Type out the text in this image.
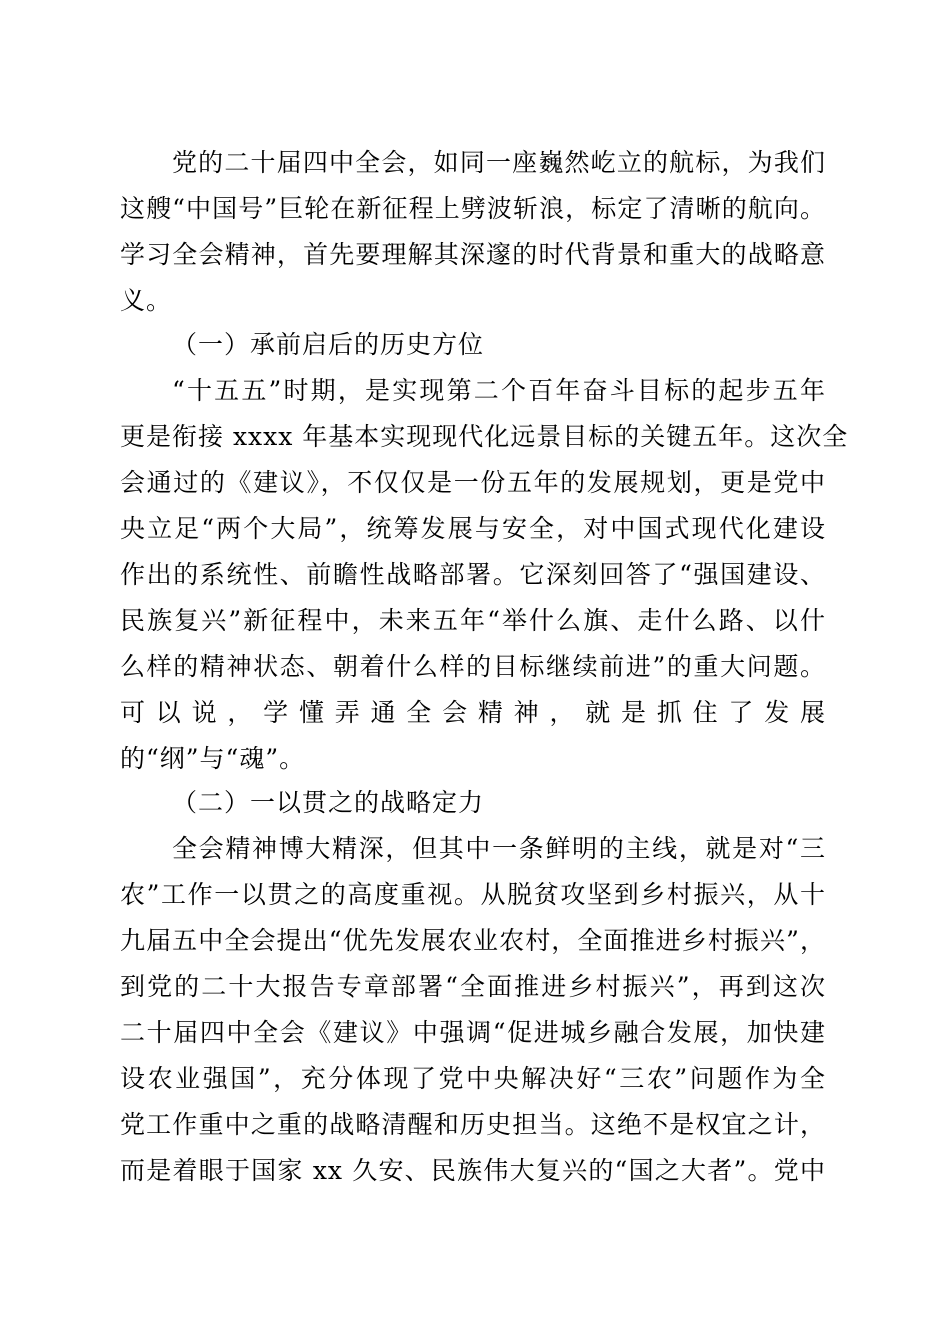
党的二十届四中全会，如同一座巍然屹立的航标，为我们
这艘“中国号”巨轮在新征程上劈波斩浪，标定了清晰的航向。
学习全会精神，首先要理解其深邃的时代背景和重大的战略意
义。
（一）承前启后的历史方位
“十五五”时期，是实现第二个百年奋斗目标的起步五年
更是衔接 xxxx 年基本实现现代化远景目标的关键五年。这次全
会通过的《建议》，不仅仅是一份五年的发展规划，更是党中
央立足“两个大局”，统筹发展与安全，对中国式现代化建设
作出的系统性、前瞻性战略部署。它深刻回答了“强国建设、
民族复兴”新征程中，未来五年“举什么旗、走什么路、以什
么样的精神状态、朝着什么样的目标继续前进”的重大问题。
可以说，学懂弄通全会精神，就是抓住了发展
的“纲”与“魂”。
（二）一以贯之的战略定力
全会精神博大精深，但其中一条鲜明的主线，就是对“三
农”工作一以贯之的高度重视。从脱贫攻坚到乡村振兴，从十
九届五中全会提出“优先发展农业农村，全面推进乡村振兴”，
到党的二十大报告专章部署“全面推进乡村振兴”，再到这次
二十届四中全会《建议》中强调“促进城乡融合发展，加快建
设农业强国”，充分体现了党中央解决好“三农”问题作为全
党工作重中之重的战略清醒和历史担当。这绝不是权宜之计，
而是着眼于国家 xx 久安、民族伟大复兴的“国之大者”。党中
